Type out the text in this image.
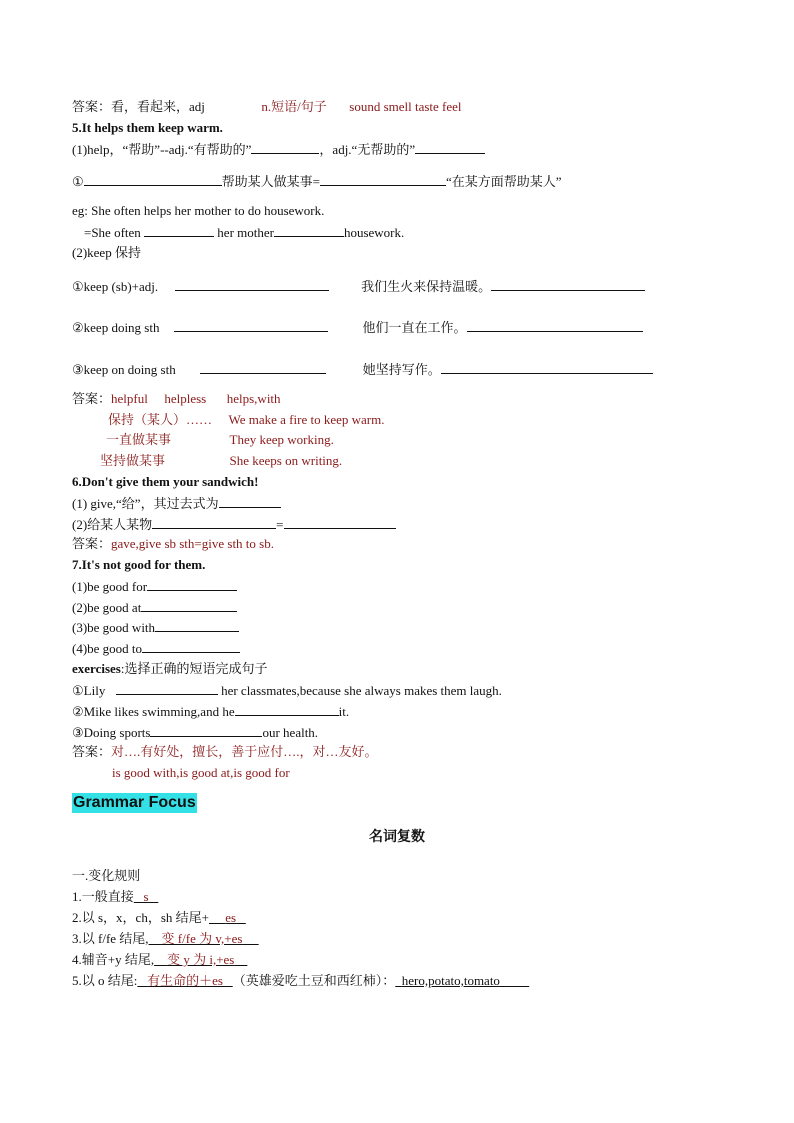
答案：看，看起来，adj	n.短语/句子 sound smell taste feel
5.It helps them keep warm.
(1)help，“帮助”--adj.“有帮助的”	，adj.“无帮助的”
①	帮助某人做某事=	“在某方面帮助某人”
eg: She often helps her mother to do housework.
=She often	her mother	housework.
(2)keep 保持
①keep (sb)+adj.	我们生火来保持温暖。
②keep doing sth	他们一直在工作。
③keep on doing sth	她坚持写作。
答案：helpful helpless helps,with
保持（某人）…… We make a fire to keep warm.
一直做某事	They keep working.
坚持做某事	She keeps on writing.
6.Don't give them your sandwich!
(1) give,“给”，其过去式为
(2)给某人某物	=
答案：gave,give sb sth=give sth to sb.
7.It's not good for them.
(1)be good for
(2)be good at
(3)be good with
(4)be good to
exercises:选择正确的短语完成句子
①Lily	her classmates,because she always makes them laugh.
②Mike likes swimming,and he	it.
③Doing sports	our health.
答案：对….有好处，擅长，善于应付….，对…友好。
is good with,is good at,is good for
Grammar Focus
名词复数
一.变化规则
1.一般直接 s
2.以 s，x，ch，sh 结尾+ es
3.以 f/fe 结尾, 变 f/fe 为 v,+es
4.辅音+y 结尾, 变 y 为 i,+es
5.以 o 结尾: 有生命的＋es （英雄爱吃土豆和西红柿）： hero,potato,tomato
